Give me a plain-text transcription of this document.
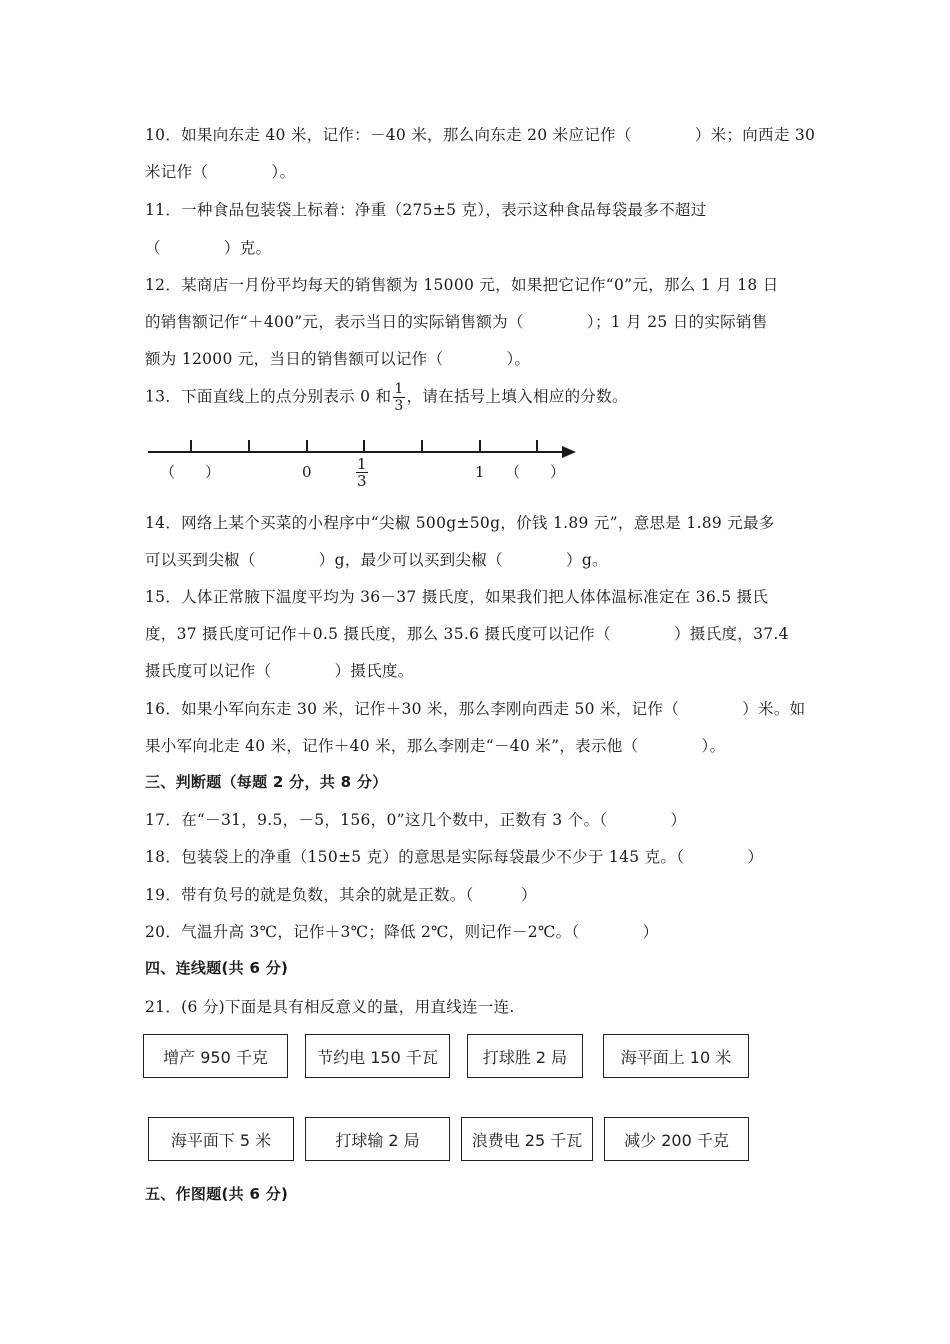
10．如果向东走 40 米，记作：－40 米，那么向东走 20 米应记作（　　　　）米；向西走 30
米记作（　　　　）。
11．一种食品包装袋上标着：净重（275±5 克），表示这种食品每袋最多不超过
（　　　　）克。
12．某商店一月份平均每天的销售额为 15000 元，如果把它记作“0”元，那么 1 月 18 日
的销售额记作“＋400”元，表示当日的实际销售额为（　　　　）；1 月 25 日的实际销售
额为 12000 元，当日的销售额可以记作（　　　　）。
13．下面直线上的点分别表示 0 和 $\frac{1}{3}$ ，请在括号上填入相应的分数。
（　　）	0	$\frac{1}{3}$	1 （　　）
14．网络上某个买菜的小程序中“尖椒 500g±50g，价钱 1.89 元”，意思是 1.89 元最多
可以买到尖椒（　　　　）g，最少可以买到尖椒（　　　　）g。
15．人体正常腋下温度平均为 36－37 摄氏度，如果我们把人体体温标准定在 36.5 摄氏
度，37 摄氏度可记作＋0.5 摄氏度，那么 35.6 摄氏度可以记作（　　　　）摄氏度，37.4
摄氏度可以记作（　　　　）摄氏度。
16．如果小军向东走 30 米，记作＋30 米，那么李刚向西走 50 米，记作（　　　　）米。如
果小军向北走 40 米，记作＋40 米，那么李刚走“－40 米”，表示他（　　　　）。
三、判断题（每题 2 分，共 8 分）
17．在“－31，9.5，－5，156，0”这几个数中，正数有 3 个。（　　　　）
18．包装袋上的净重（150±5 克）的意思是实际每袋最少不少于 145 克。（　　　　）
19．带有负号的就是负数，其余的就是正数。（　　　）
20．气温升高 3℃，记作＋3℃；降低 2℃，则记作－2℃。（　　　　）
四、连线题(共 6 分)
21．(6 分)下面是具有相反意义的量，用直线连一连.
增产 950 千克	节约电 150 千瓦	打球胜 2 局	海平面上 10 米
海平面下 5 米	打球输 2 局	浪费电 25 千瓦	减少 200 千克
五、作图题(共 6 分)
